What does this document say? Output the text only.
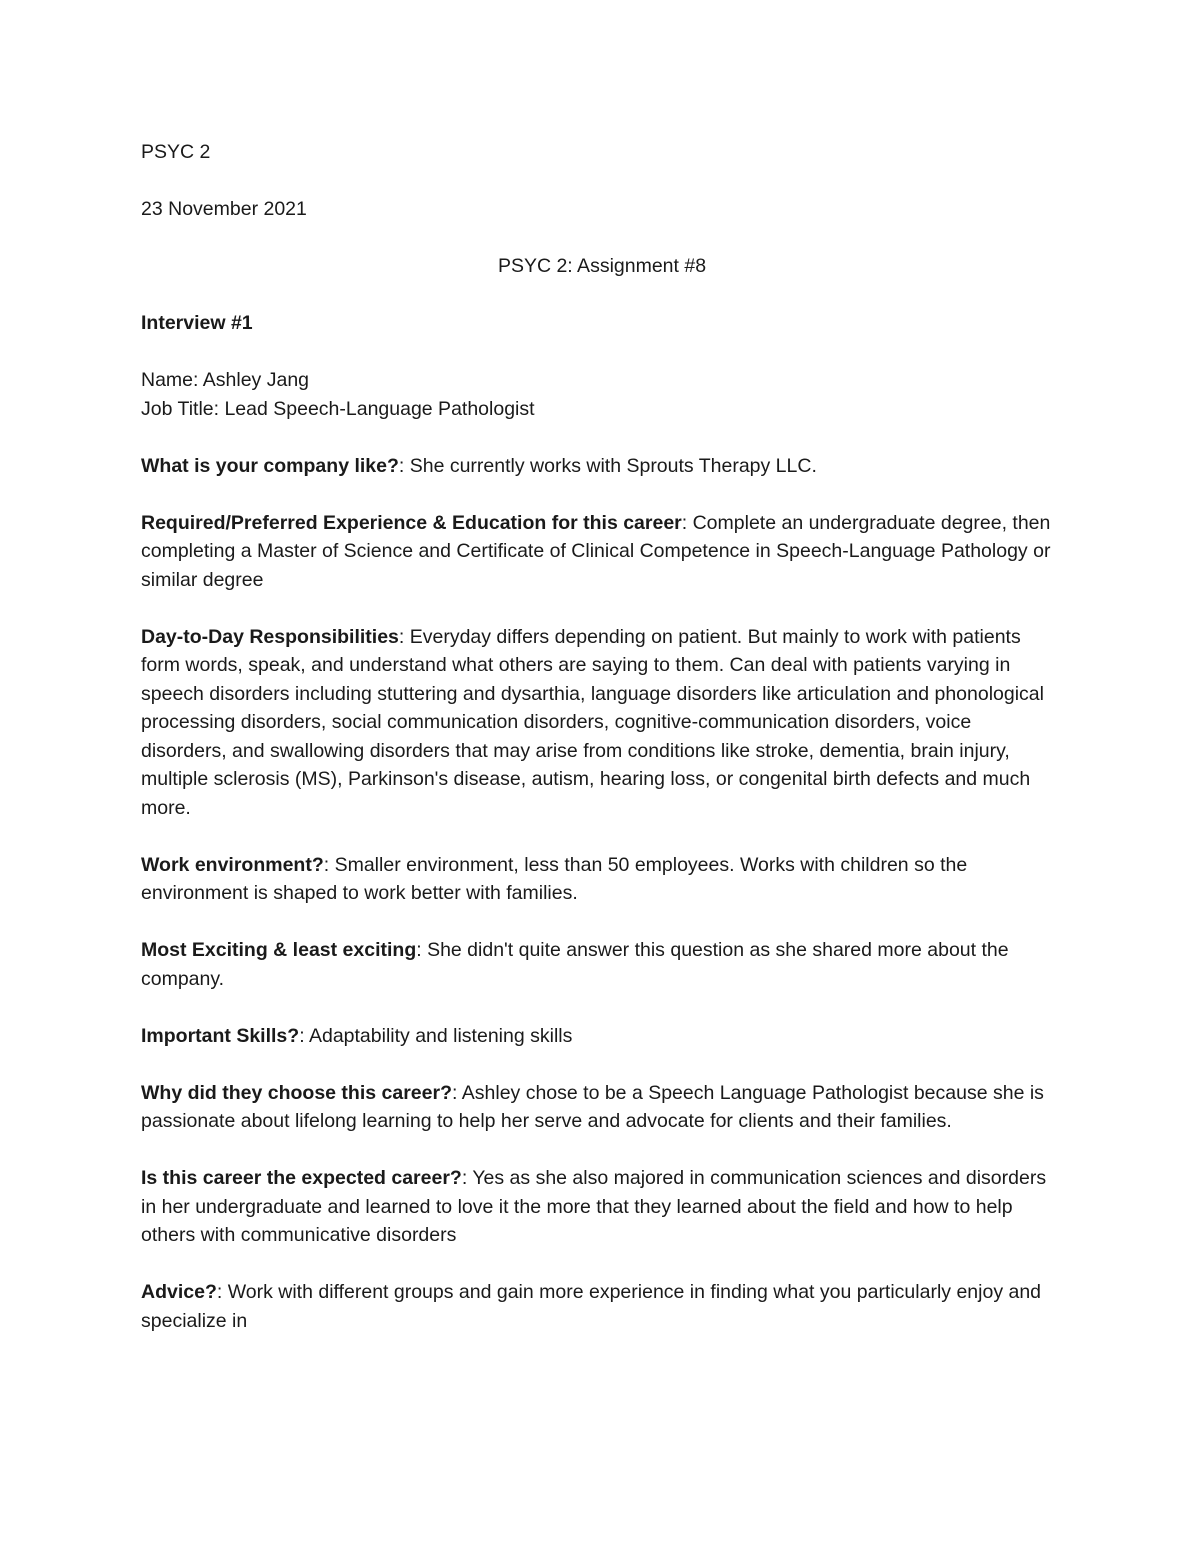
PSYC 2

23 November 2021

PSYC 2: Assignment #8

Interview #1

Name: Ashley Jang

Job Title: Lead Speech-Language Pathologist

What is your company like?: She currently works with Sprouts Therapy LLC.

Required/Preferred Experience & Education for this career: Complete an undergraduate degree, then completing a Master of Science and Certificate of Clinical Competence in Speech-Language Pathology or similar degree

Day-to-Day Responsibilities: Everyday differs depending on patient. But mainly to work with patients form words, speak, and understand what others are saying to them. Can deal with patients varying in speech disorders including stuttering and dysarthia, language disorders like articulation and phonological processing disorders, social communication disorders, cognitive-communication disorders, voice disorders, and swallowing disorders that may arise from conditions like stroke, dementia, brain injury, multiple sclerosis (MS), Parkinson's disease, autism, hearing loss, or congenital birth defects and much more.

Work environment?: Smaller environment, less than 50 employees. Works with children so the environment is shaped to work better with families.

Most Exciting & least exciting: She didn't quite answer this question as she shared more about the company.

Important Skills?: Adaptability and listening skills

Why did they choose this career?: Ashley chose to be a Speech Language Pathologist because she is passionate about lifelong learning to help her serve and advocate for clients and their families.

Is this career the expected career?: Yes as she also majored in communication sciences and disorders in her undergraduate and learned to love it the more that they learned about the field and how to help others with communicative disorders

Advice?: Work with different groups and gain more experience in finding what you particularly enjoy and specialize in
